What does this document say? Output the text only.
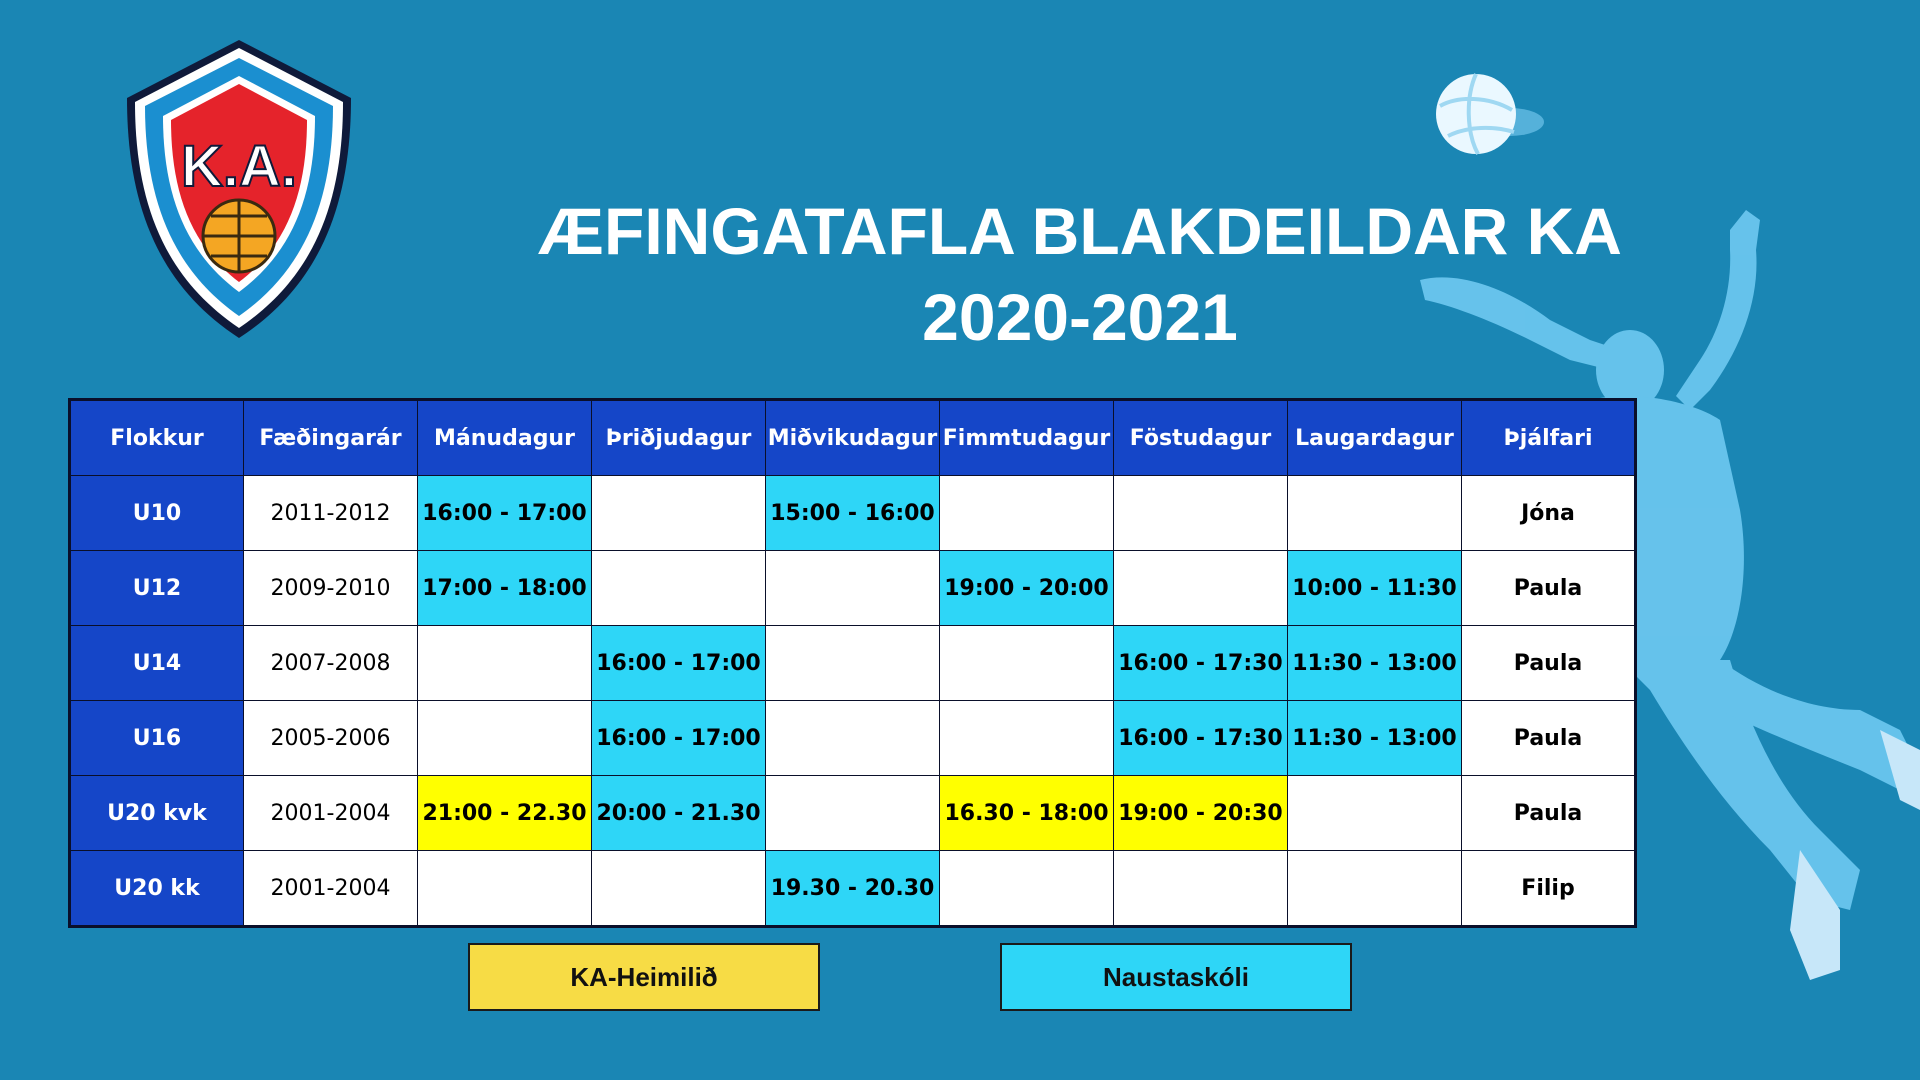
K.A.
ÆFINGATAFLA BLAKDEILDAR KA
2020-2021
Flokkur	Fæðingarár	Mánudagur	Þriðjudagur	Miðvikudagur	Fimmtudagur	Föstudagur	Laugardagur	Þjálfari
U10	2011-2012	16:00 - 17:00		15:00 - 16:00				Jóna
U12	2009-2010	17:00 - 18:00			19:00 - 20:00		10:00 - 11:30	Paula
U14	2007-2008		16:00 - 17:00			16:00 - 17:30	11:30 - 13:00	Paula
U16	2005-2006		16:00 - 17:00			16:00 - 17:30	11:30 - 13:00	Paula
U20 kvk	2001-2004	21:00 - 22.30	20:00 - 21.30		16.30 - 18:00	19:00 - 20:30		Paula
U20 kk	2001-2004			19.30 - 20.30				Filip
KA-Heimilið	Naustaskóli
